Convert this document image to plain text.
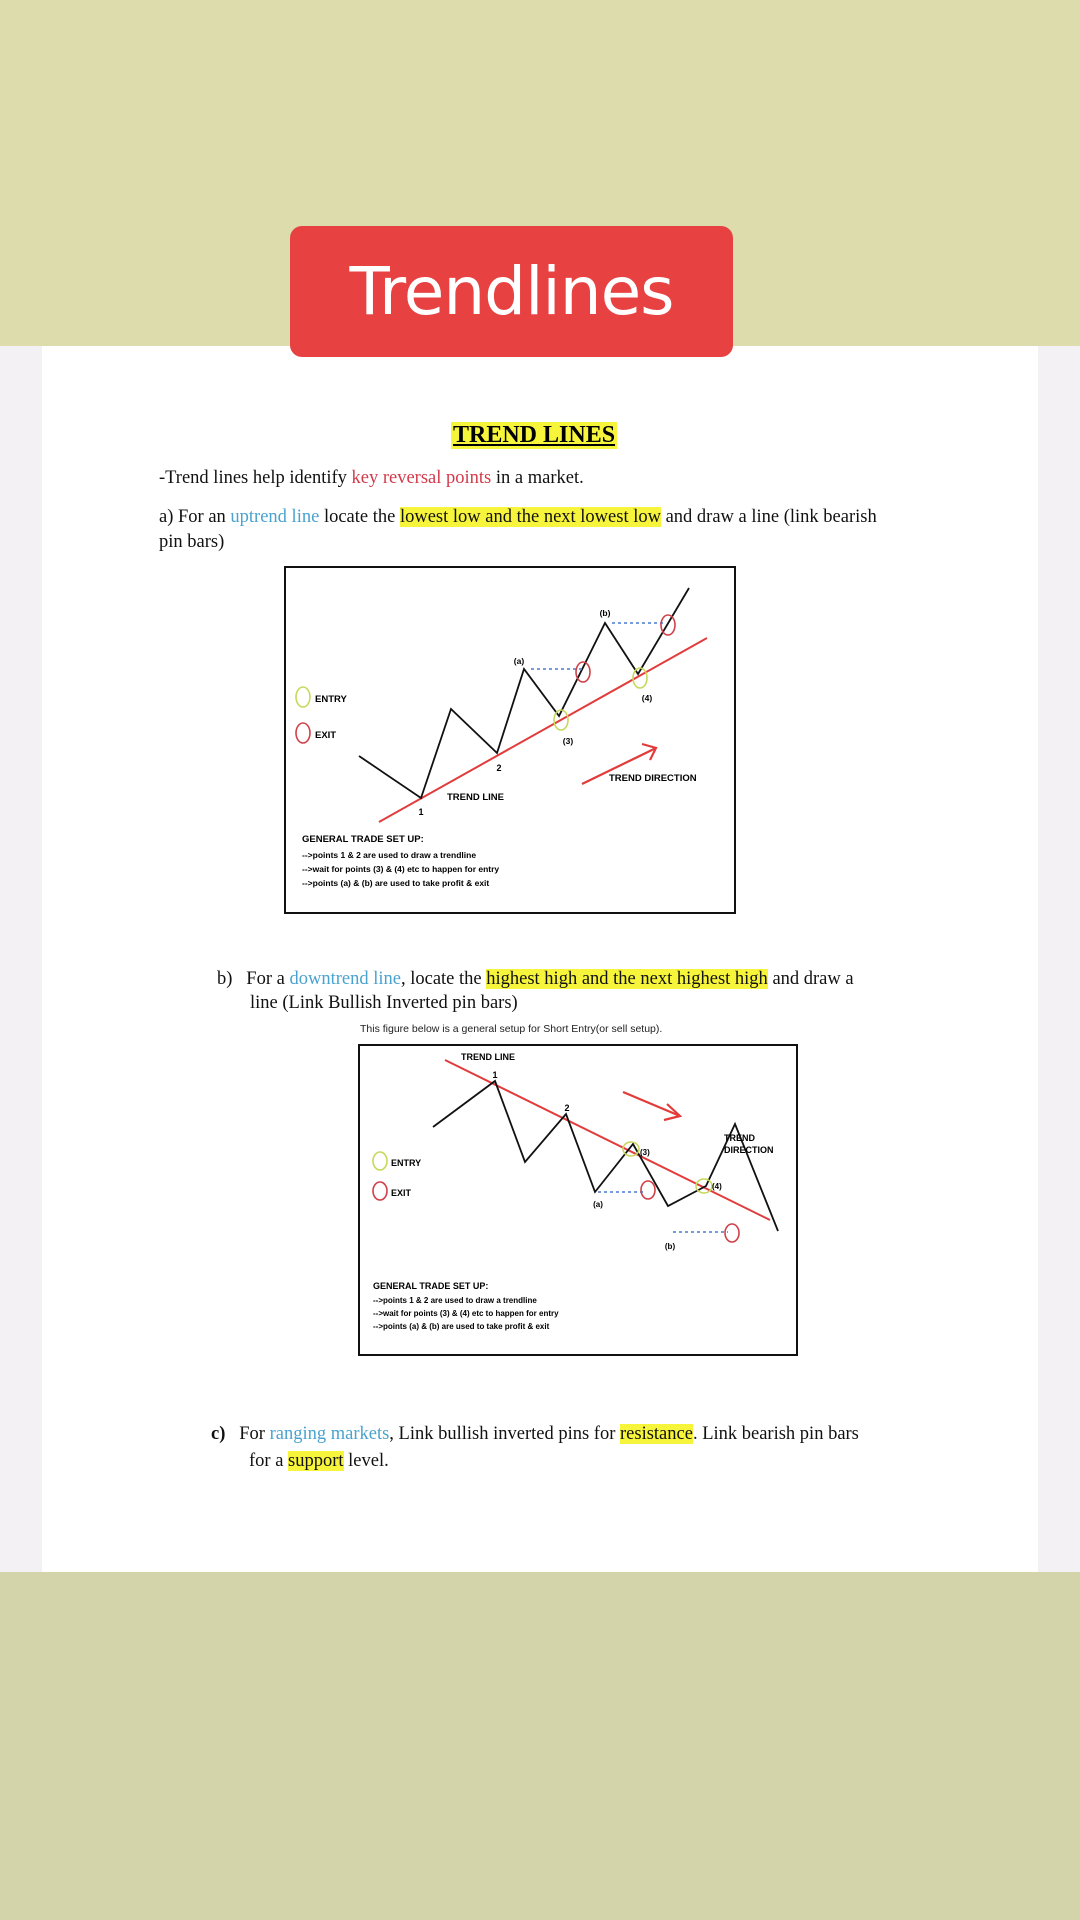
Trendlines
TREND LINES
-Trend lines help identify key reversal points in a market.
a) For an uptrend line locate the lowest low and the next lowest low and draw a line (link bearish
pin bars)
ENTRY
EXIT
1
2
(a)
(b)
(3)
(4)
TREND LINE
TREND DIRECTION
GENERAL TRADE SET UP:
-->points 1 & 2 are used to draw a trendline
-->wait for points (3) & (4) etc to happen for entry
-->points (a) & (b) are used to take profit & exit
b) For a downtrend line, locate the highest high and the next highest high and draw a
line (Link Bullish Inverted pin bars)
This figure below is a general setup for Short Entry(or sell setup).
ENTRY
EXIT
1
2
(a)
(b)
(3)
(4)
TREND LINE
TREND
DIRECTION
GENERAL TRADE SET UP:
-->points 1 & 2 are used to draw a trendline
-->wait for points (3) & (4) etc to happen for entry
-->points (a) & (b) are used to take profit & exit
c) For ranging markets, Link bullish inverted pins for resistance. Link bearish pin bars
for a support level.
